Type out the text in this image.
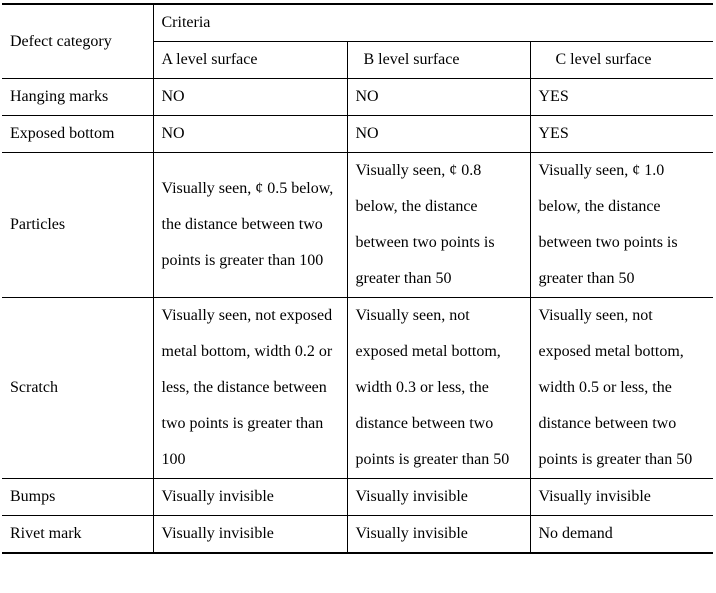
Defect category	Criteria		
	A level surface	B level surface	C level surface
Hanging marks	NO	NO	YES
Exposed bottom	NO	NO	YES
Particles	Visually seen, ¢ 0.5 below, the distance between two points is greater than 100	Visually seen, ¢ 0.8 below, the distance between two points is greater than 50	Visually seen, ¢ 1.0 below, the distance between two points is greater than 50
Scratch	Visually seen, not exposed metal bottom, width 0.2 or less, the distance between two points is greater than 100	Visually seen, not exposed metal bottom, width 0.3 or less, the distance between two points is greater than 50	Visually seen, not exposed metal bottom, width 0.5 or less, the distance between two points is greater than 50
Bumps	Visually invisible	Visually invisible	Visually invisible
Rivet mark	Visually invisible	Visually invisible	No demand
